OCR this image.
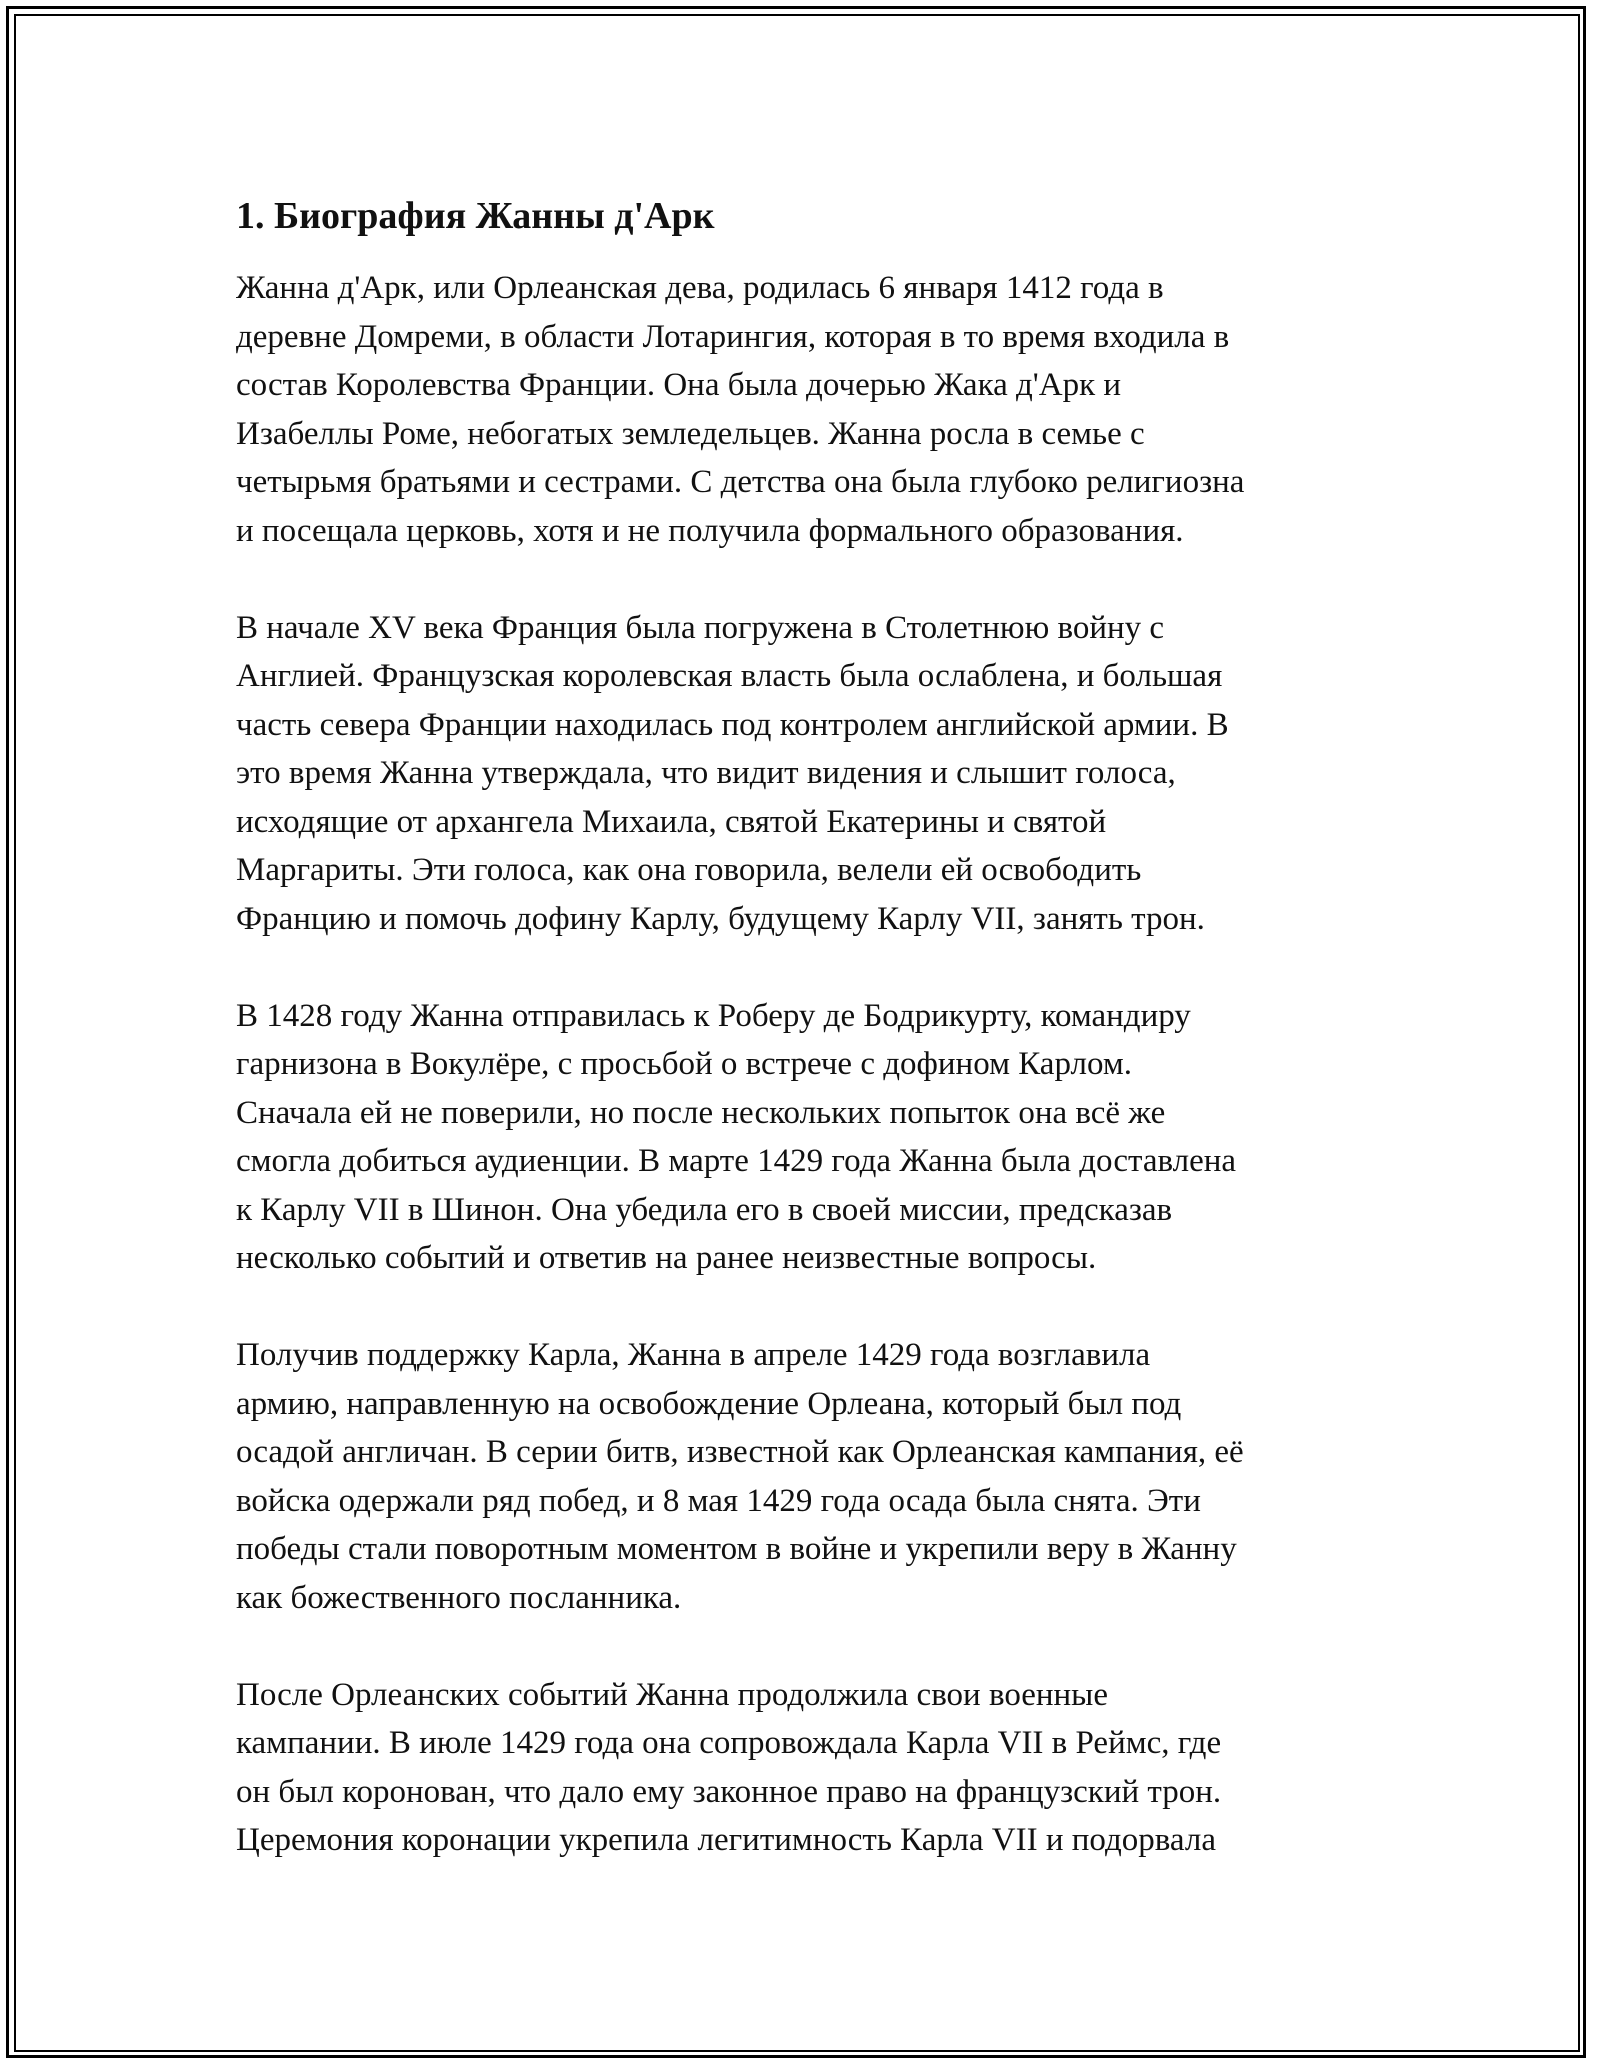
1. Биография Жанны д'Арк

Жанна д'Арк, или Орлеанская дева, родилась 6 января 1412 года в
деревне Домреми, в области Лотарингия, которая в то время входила в
состав Королевства Франции. Она была дочерью Жака д'Арк и
Изабеллы Роме, небогатых земледельцев. Жанна росла в семье с
четырьмя братьями и сестрами. С детства она была глубоко религиозна
и посещала церковь, хотя и не получила формального образования.

В начале XV века Франция была погружена в Столетнюю войну с
Англией. Французская королевская власть была ослаблена, и большая
часть севера Франции находилась под контролем английской армии. В
это время Жанна утверждала, что видит видения и слышит голоса,
исходящие от архангела Михаила, святой Екатерины и святой
Маргариты. Эти голоса, как она говорила, велели ей освободить
Францию и помочь дофину Карлу, будущему Карлу VII, занять трон.

В 1428 году Жанна отправилась к Роберу де Бодрикурту, командиру
гарнизона в Вокулёре, с просьбой о встрече с дофином Карлом.
Сначала ей не поверили, но после нескольких попыток она всё же
смогла добиться аудиенции. В марте 1429 года Жанна была доставлена
к Карлу VII в Шинон. Она убедила его в своей миссии, предсказав
несколько событий и ответив на ранее неизвестные вопросы.

Получив поддержку Карла, Жанна в апреле 1429 года возглавила
армию, направленную на освобождение Орлеана, который был под
осадой англичан. В серии битв, известной как Орлеанская кампания, её
войска одержали ряд побед, и 8 мая 1429 года осада была снята. Эти
победы стали поворотным моментом в войне и укрепили веру в Жанну
как божественного посланника.

После Орлеанских событий Жанна продолжила свои военные
кампании. В июле 1429 года она сопровождала Карла VII в Реймс, где
он был коронован, что дало ему законное право на французский трон.
Церемония коронации укрепила легитимность Карла VII и подорвала
